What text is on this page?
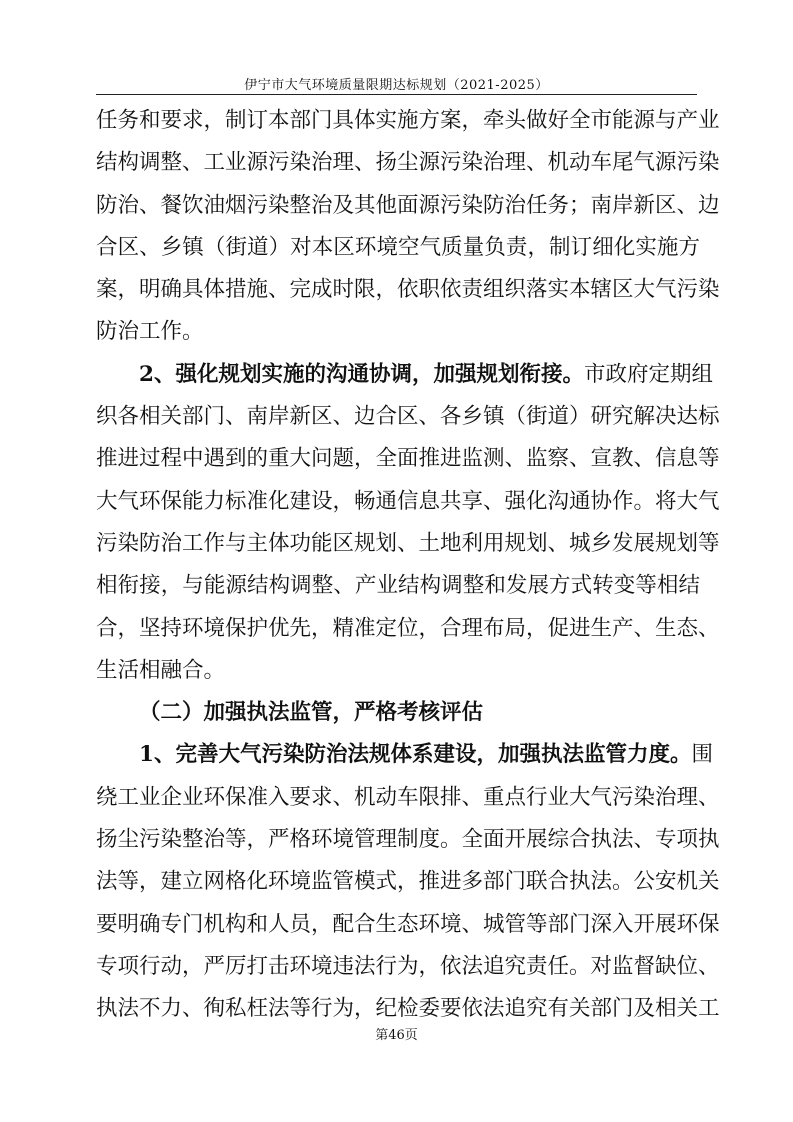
伊宁市大气环境质量限期达标规划（2021-2025）
任务和要求，制订本部门具体实施方案，牵头做好全市能源与产业
结构调整、工业源污染治理、扬尘源污染治理、机动车尾气源污染
防治、餐饮油烟污染整治及其他面源污染防治任务；南岸新区、边
合区、乡镇（街道）对本区环境空气质量负责，制订细化实施方
案，明确具体措施、完成时限，依职依责组织落实本辖区大气污染
防治工作。
2、强化规划实施的沟通协调，加强规划衔接。市政府定期组
织各相关部门、南岸新区、边合区、各乡镇（街道）研究解决达标
推进过程中遇到的重大问题，全面推进监测、监察、宣教、信息等
大气环保能力标准化建设，畅通信息共享、强化沟通协作。将大气
污染防治工作与主体功能区规划、土地利用规划、城乡发展规划等
相衔接，与能源结构调整、产业结构调整和发展方式转变等相结
合，坚持环境保护优先，精准定位，合理布局，促进生产、生态、
生活相融合。
（二）加强执法监管，严格考核评估
1、完善大气污染防治法规体系建设，加强执法监管力度。围
绕工业企业环保准入要求、机动车限排、重点行业大气污染治理、
扬尘污染整治等，严格环境管理制度。全面开展综合执法、专项执
法等，建立网格化环境监管模式，推进多部门联合执法。公安机关
要明确专门机构和人员，配合生态环境、城管等部门深入开展环保
专项行动，严厉打击环境违法行为，依法追究责任。对监督缺位、
执法不力、徇私枉法等行为，纪检委要依法追究有关部门及相关工
第46页
